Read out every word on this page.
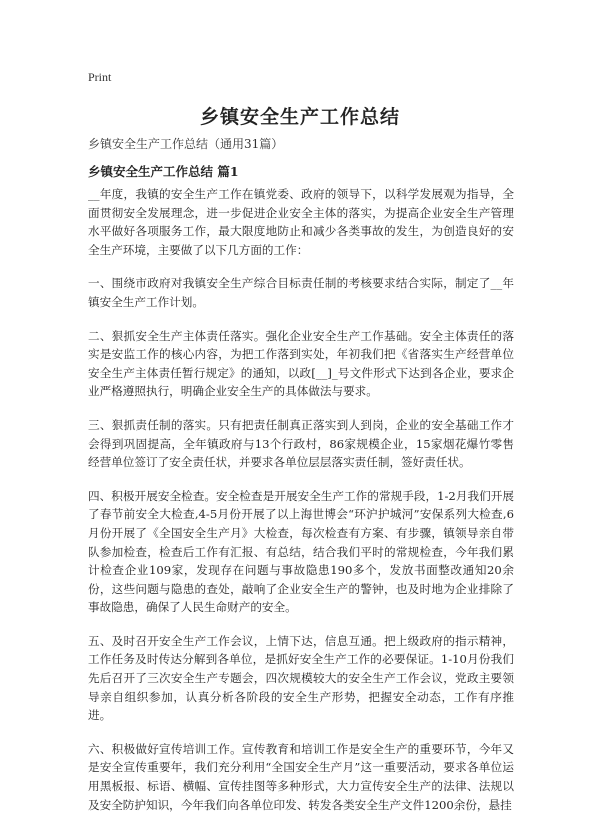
Print
乡镇安全生产工作总结
乡镇安全生产工作总结（通用31篇）
乡镇安全生产工作总结 篇1

__年度，我镇的安全生产工作在镇党委、政府的领导下，以科学发展观为指导，全面贯彻安全发展理念，进一步促进企业安全主体的落实，为提高企业安全生产管理水平做好各项服务工作，最大限度地防止和减少各类事故的发生，为创造良好的安全生产环境，主要做了以下几方面的工作：

一、围绕市政府对我镇安全生产综合目标责任制的考核要求结合实际，制定了__年镇安全生产工作计划。

二、狠抓安全生产主体责任落实。强化企业安全生产工作基础。安全主体责任的落实是安监工作的核心内容，为把工作落到实处，年初我们把《省落实生产经营单位安全生产主体责任暂行规定》的通知，以政[__]_号文件形式下达到各企业，要求企业严格遵照执行，明确企业安全生产的具体做法与要求。

三、狠抓责任制的落实。只有把责任制真正落实到人到岗，企业的安全基础工作才会得到巩固提高，全年镇政府与13个行政村，86家规模企业，15家烟花爆竹零售经营单位签订了安全责任状，并要求各单位层层落实责任制，签好责任状。

四、积极开展安全检查。安全检查是开展安全生产工作的常规手段，1-2月我们开展了春节前安全大检查,4-5月份开展了以上海世博会“环沪护城河”安保系列大检查,6月份开展了《全国安全生产月》大检查，每次检查有方案、有步骤，镇领导亲自带队参加检查，检查后工作有汇报、有总结，结合我们平时的常规检查，今年我们累计检查企业109家，发现存在问题与事故隐患190多个，发放书面整改通知20余份，这些问题与隐患的查处，敲响了企业安全生产的警钟，也及时地为企业排除了事故隐患，确保了人民生命财产的安全。

五、及时召开安全生产工作会议，上情下达，信息互通。把上级政府的指示精神，工作任务及时传达分解到各单位，是抓好安全生产工作的必要保证。1-10月份我们先后召开了三次安全生产专题会，四次规模较大的安全生产工作会议，党政主要领导亲自组织参加，认真分析各阶段的安全生产形势，把握安全动态，工作有序推进。

六、积极做好宣传培训工作。宣传教育和培训工作是安全生产的重要环节，今年又是安全宣传重要年，我们充分利用“全国安全生产月”这一重要活动，要求各单位运用黑板报、标语、横幅、宣传挂图等多种形式，大力宣传安全生产的法律、法规以及安全防护知识，今年我们向各单位印发、转发各类安全生产文件1200余份，悬挂
